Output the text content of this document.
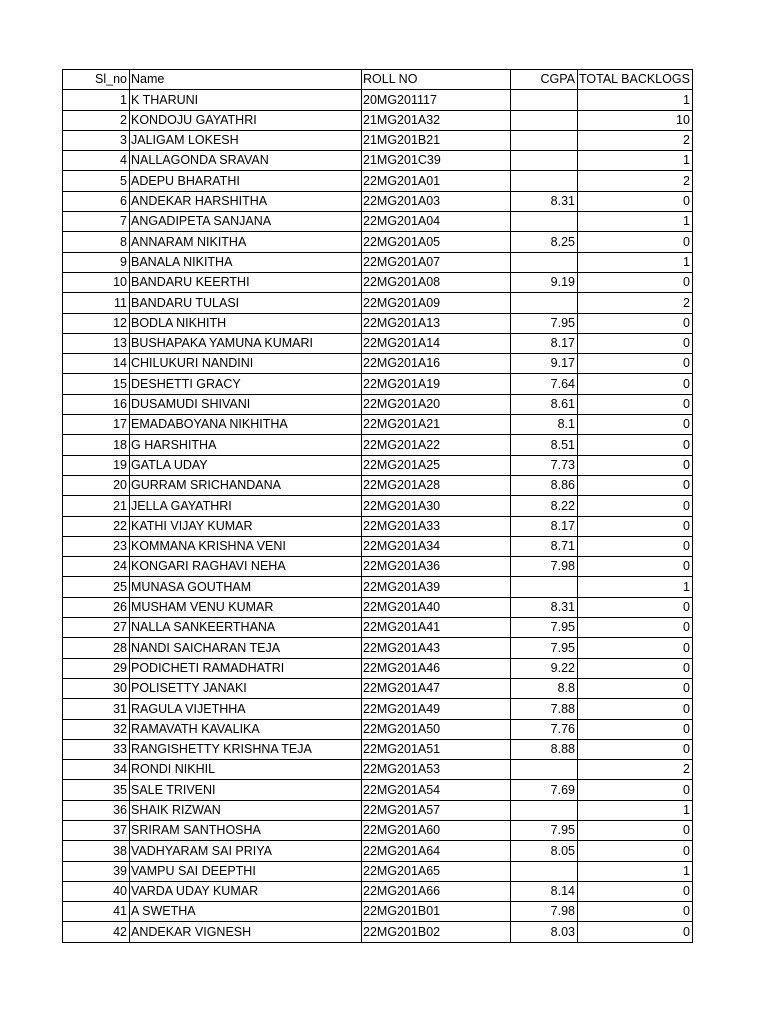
Sl_no	Name	ROLL NO	CGPA	TOTAL BACKLOGS
1	K THARUNI	20MG201117		1
2	KONDOJU GAYATHRI	21MG201A32		10
3	JALIGAM LOKESH	21MG201B21		2
4	NALLAGONDA SRAVAN	21MG201C39		1
5	ADEPU BHARATHI	22MG201A01		2
6	ANDEKAR HARSHITHA	22MG201A03	8.31	0
7	ANGADIPETA SANJANA	22MG201A04		1
8	ANNARAM NIKITHA	22MG201A05	8.25	0
9	BANALA NIKITHA	22MG201A07		1
10	BANDARU KEERTHI	22MG201A08	9.19	0
11	BANDARU TULASI	22MG201A09		2
12	BODLA NIKHITH	22MG201A13	7.95	0
13	BUSHAPAKA YAMUNA KUMARI	22MG201A14	8.17	0
14	CHILUKURI NANDINI	22MG201A16	9.17	0
15	DESHETTI GRACY	22MG201A19	7.64	0
16	DUSAMUDI SHIVANI	22MG201A20	8.61	0
17	EMADABOYANA NIKHITHA	22MG201A21	8.1	0
18	G HARSHITHA	22MG201A22	8.51	0
19	GATLA UDAY	22MG201A25	7.73	0
20	GURRAM SRICHANDANA	22MG201A28	8.86	0
21	JELLA GAYATHRI	22MG201A30	8.22	0
22	KATHI VIJAY KUMAR	22MG201A33	8.17	0
23	KOMMANA KRISHNA VENI	22MG201A34	8.71	0
24	KONGARI RAGHAVI NEHA	22MG201A36	7.98	0
25	MUNASA GOUTHAM	22MG201A39		1
26	MUSHAM VENU KUMAR	22MG201A40	8.31	0
27	NALLA SANKEERTHANA	22MG201A41	7.95	0
28	NANDI SAICHARAN TEJA	22MG201A43	7.95	0
29	PODICHETI RAMADHATRI	22MG201A46	9.22	0
30	POLISETTY JANAKI	22MG201A47	8.8	0
31	RAGULA VIJETHHA	22MG201A49	7.88	0
32	RAMAVATH KAVALIKA	22MG201A50	7.76	0
33	RANGISHETTY KRISHNA TEJA	22MG201A51	8.88	0
34	RONDI NIKHIL	22MG201A53		2
35	SALE TRIVENI	22MG201A54	7.69	0
36	SHAIK RIZWAN	22MG201A57		1
37	SRIRAM SANTHOSHA	22MG201A60	7.95	0
38	VADHYARAM SAI PRIYA	22MG201A64	8.05	0
39	VAMPU SAI DEEPTHI	22MG201A65		1
40	VARDA UDAY KUMAR	22MG201A66	8.14	0
41	A SWETHA	22MG201B01	7.98	0
42	ANDEKAR VIGNESH	22MG201B02	8.03	0
